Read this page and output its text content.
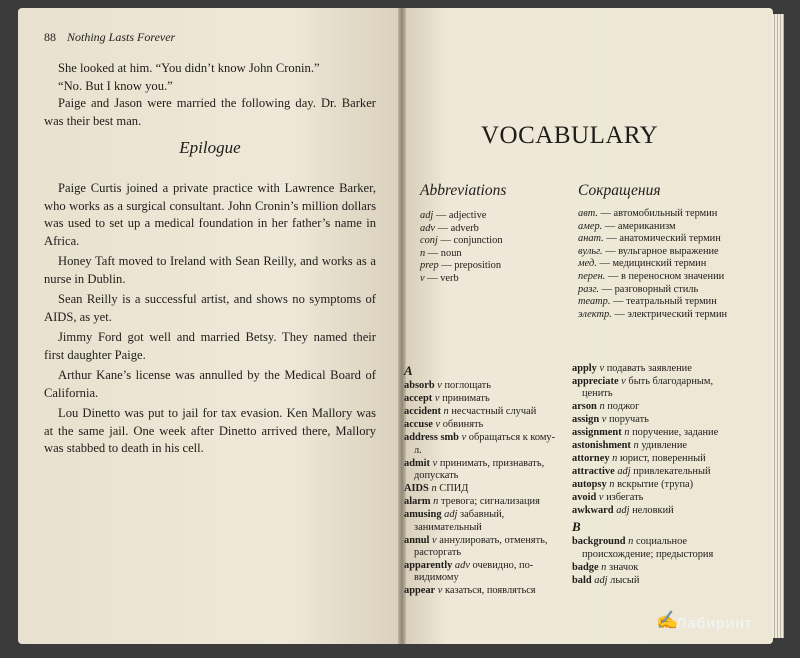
88 Nothing Lasts Forever

She looked at him. “You didn’t know John Cronin.”

“No. But I know you.”

Paige and Jason were married the following day. Dr. Barker was their best man.

Epilogue

Paige Curtis joined a private practice with Lawrence Barker, who works as a surgical consultant. John Cronin’s million dollars was used to set up a medical foundation in her father’s name in Africa.

Honey Taft moved to Ireland with Sean Reilly, and works as a nurse in Dublin.

Sean Reilly is a successful artist, and shows no symptoms of AIDS, as yet.

Jimmy Ford got well and married Betsy. They named their first daughter Paige.

Arthur Kane’s license was annulled by the Medical Board of California.

Lou Dinetto was put to jail for tax evasion. Ken Mallory was at the same jail. One week after Dinetto arrived there, Mallory was stabbed to death in his cell.

VOCABULARY
Abbreviations	Сокращения
adj — adjective
adv — adverb
conj — conjunction
n — noun
prep — preposition
v — verb
авт. — автомобильный термин
амер. — американизм
анат. — анатомический термин
вульг. — вульгарное выражение
мед. — медицинский термин
перен. — в переносном значении
разг. — разговорный стиль
театр. — театральный термин
электр. — электрический термин
A
absorb v поглощать
accept v принимать
accident n несчастный случай
accuse v обвинять
address smb v обращаться к кому-л.
admit v принимать, признавать, допускать
AIDS n СПИД
alarm n тревога; сигнализация
amusing adj забавный, занимательный
annul v аннулировать, отменять, расторгать
apparently adv очевидно, по-видимому
appear v казаться, появляться
apply v подавать заявление
appreciate v быть благодарным, ценить
arson n поджог
assign v поручать
assignment n поручение, задание
astonishment n удивление
attorney n юрист, поверенный
attractive adj привлекательный
autopsy n вскрытие (трупа)
avoid v избегать
awkward adj неловкий
B
background n социальное происхождение; предыстория
badge n значок
bald adj лысый
✍
Лабиринт
